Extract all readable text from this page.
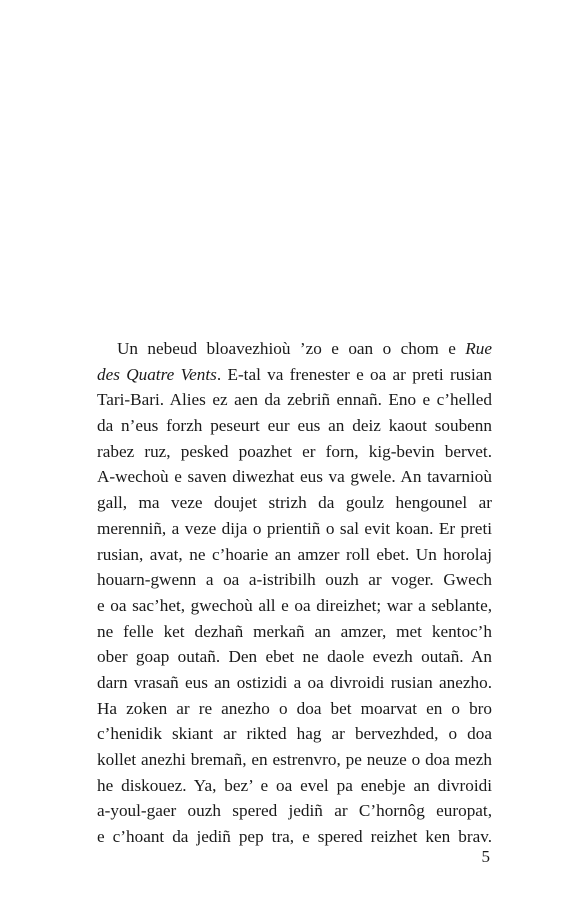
Un nebeud bloavezhioù ’zo e oan o chom e Rue
des Quatre Vents. E-tal va frenester e oa ar preti rusian
Tari-Bari. Alies ez aen da zebriñ ennañ. Eno e c’helled
da n’eus forzh peseurt eur eus an deiz kaout soubenn
rabez ruz, pesked poazhet er forn, kig-bevin bervet.
A-wechoù e saven diwezhat eus va gwele. An tavarnioù
gall, ma veze doujet strizh da goulz hengounel ar
merenniñ, a veze dija o prientiñ o sal evit koan. Er preti
rusian, avat, ne c’hoarie an amzer roll ebet. Un horolaj
houarn-gwenn a oa a-istribilh ouzh ar voger. Gwech
e oa sac’het, gwechoù all e oa direizhet; war a seblante,
ne felle ket dezhañ merkañ an amzer, met kentoc’h
ober goap outañ. Den ebet ne daole evezh outañ. An
darn vrasañ eus an ostizidi a oa divroidi rusian anezho.
Ha zoken ar re anezho o doa bet moarvat en o bro
c’henidik skiant ar rikted hag ar bervezhded, o doa
kollet anezhi bremañ, en estrenvro, pe neuze o doa mezh
he diskouez. Ya, bez’ e oa evel pa enebje an divroidi
a-youl-gaer ouzh spered jediñ ar C’hornôg europat,
e c’hoant da jediñ pep tra, e spered reizhet ken brav.
5
